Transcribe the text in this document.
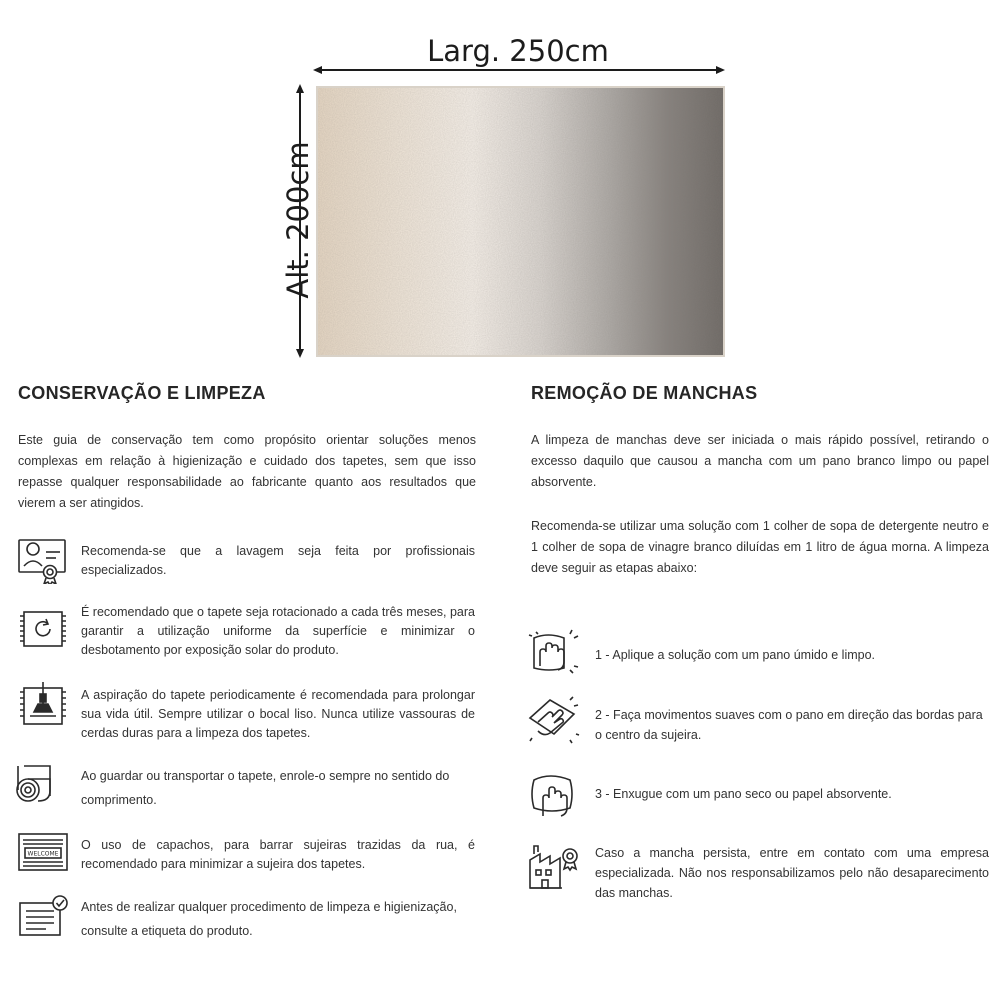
Larg. 250cm
Alt. 200cm
CONSERVAÇÃO E LIMPEZA
Este guia de conservação tem como propósito orientar soluções menos complexas em relação à higienização e cuidado dos tapetes, sem que isso repasse qualquer responsabilidade ao fabricante quanto aos resultados que vierem a ser atingidos.
Recomenda-se que a lavagem seja feita por profissionais especializados.
É recomendado que o tapete seja rotacionado a cada três meses, para garantir a utilização uniforme da superfície e minimizar o desbotamento por exposição solar do produto.
A aspiração do tapete periodicamente é recomendada para prolongar sua vida útil. Sempre utilizar o bocal liso. Nunca utilize vassouras de cerdas duras para a limpeza dos tapetes.
Ao guardar ou transportar o tapete, enrole-o sempre no sentido do comprimento.
WELCOME
O uso de capachos, para barrar sujeiras trazidas da rua, é recomendado para minimizar a sujeira dos tapetes.
Antes de realizar qualquer procedimento de limpeza e higienização, consulte a etiqueta do produto.
REMOÇÃO DE MANCHAS
A limpeza de manchas deve ser iniciada o mais rápido possível, retirando o excesso daquilo que causou a mancha com um pano branco limpo ou papel absorvente.
Recomenda-se utilizar uma solução com 1 colher de sopa de detergente neutro e 1 colher de sopa de vinagre branco diluídas em 1 litro de água morna. A limpeza deve seguir as etapas abaixo:
1 - Aplique a solução com um pano úmido e limpo.
2 - Faça movimentos suaves com o pano em direção das bordas para o centro da sujeira.
3 - Enxugue com um pano seco ou papel absorvente.
Caso a mancha persista, entre em contato com uma empresa especializada. Não nos responsabilizamos pelo não desaparecimento das manchas.
